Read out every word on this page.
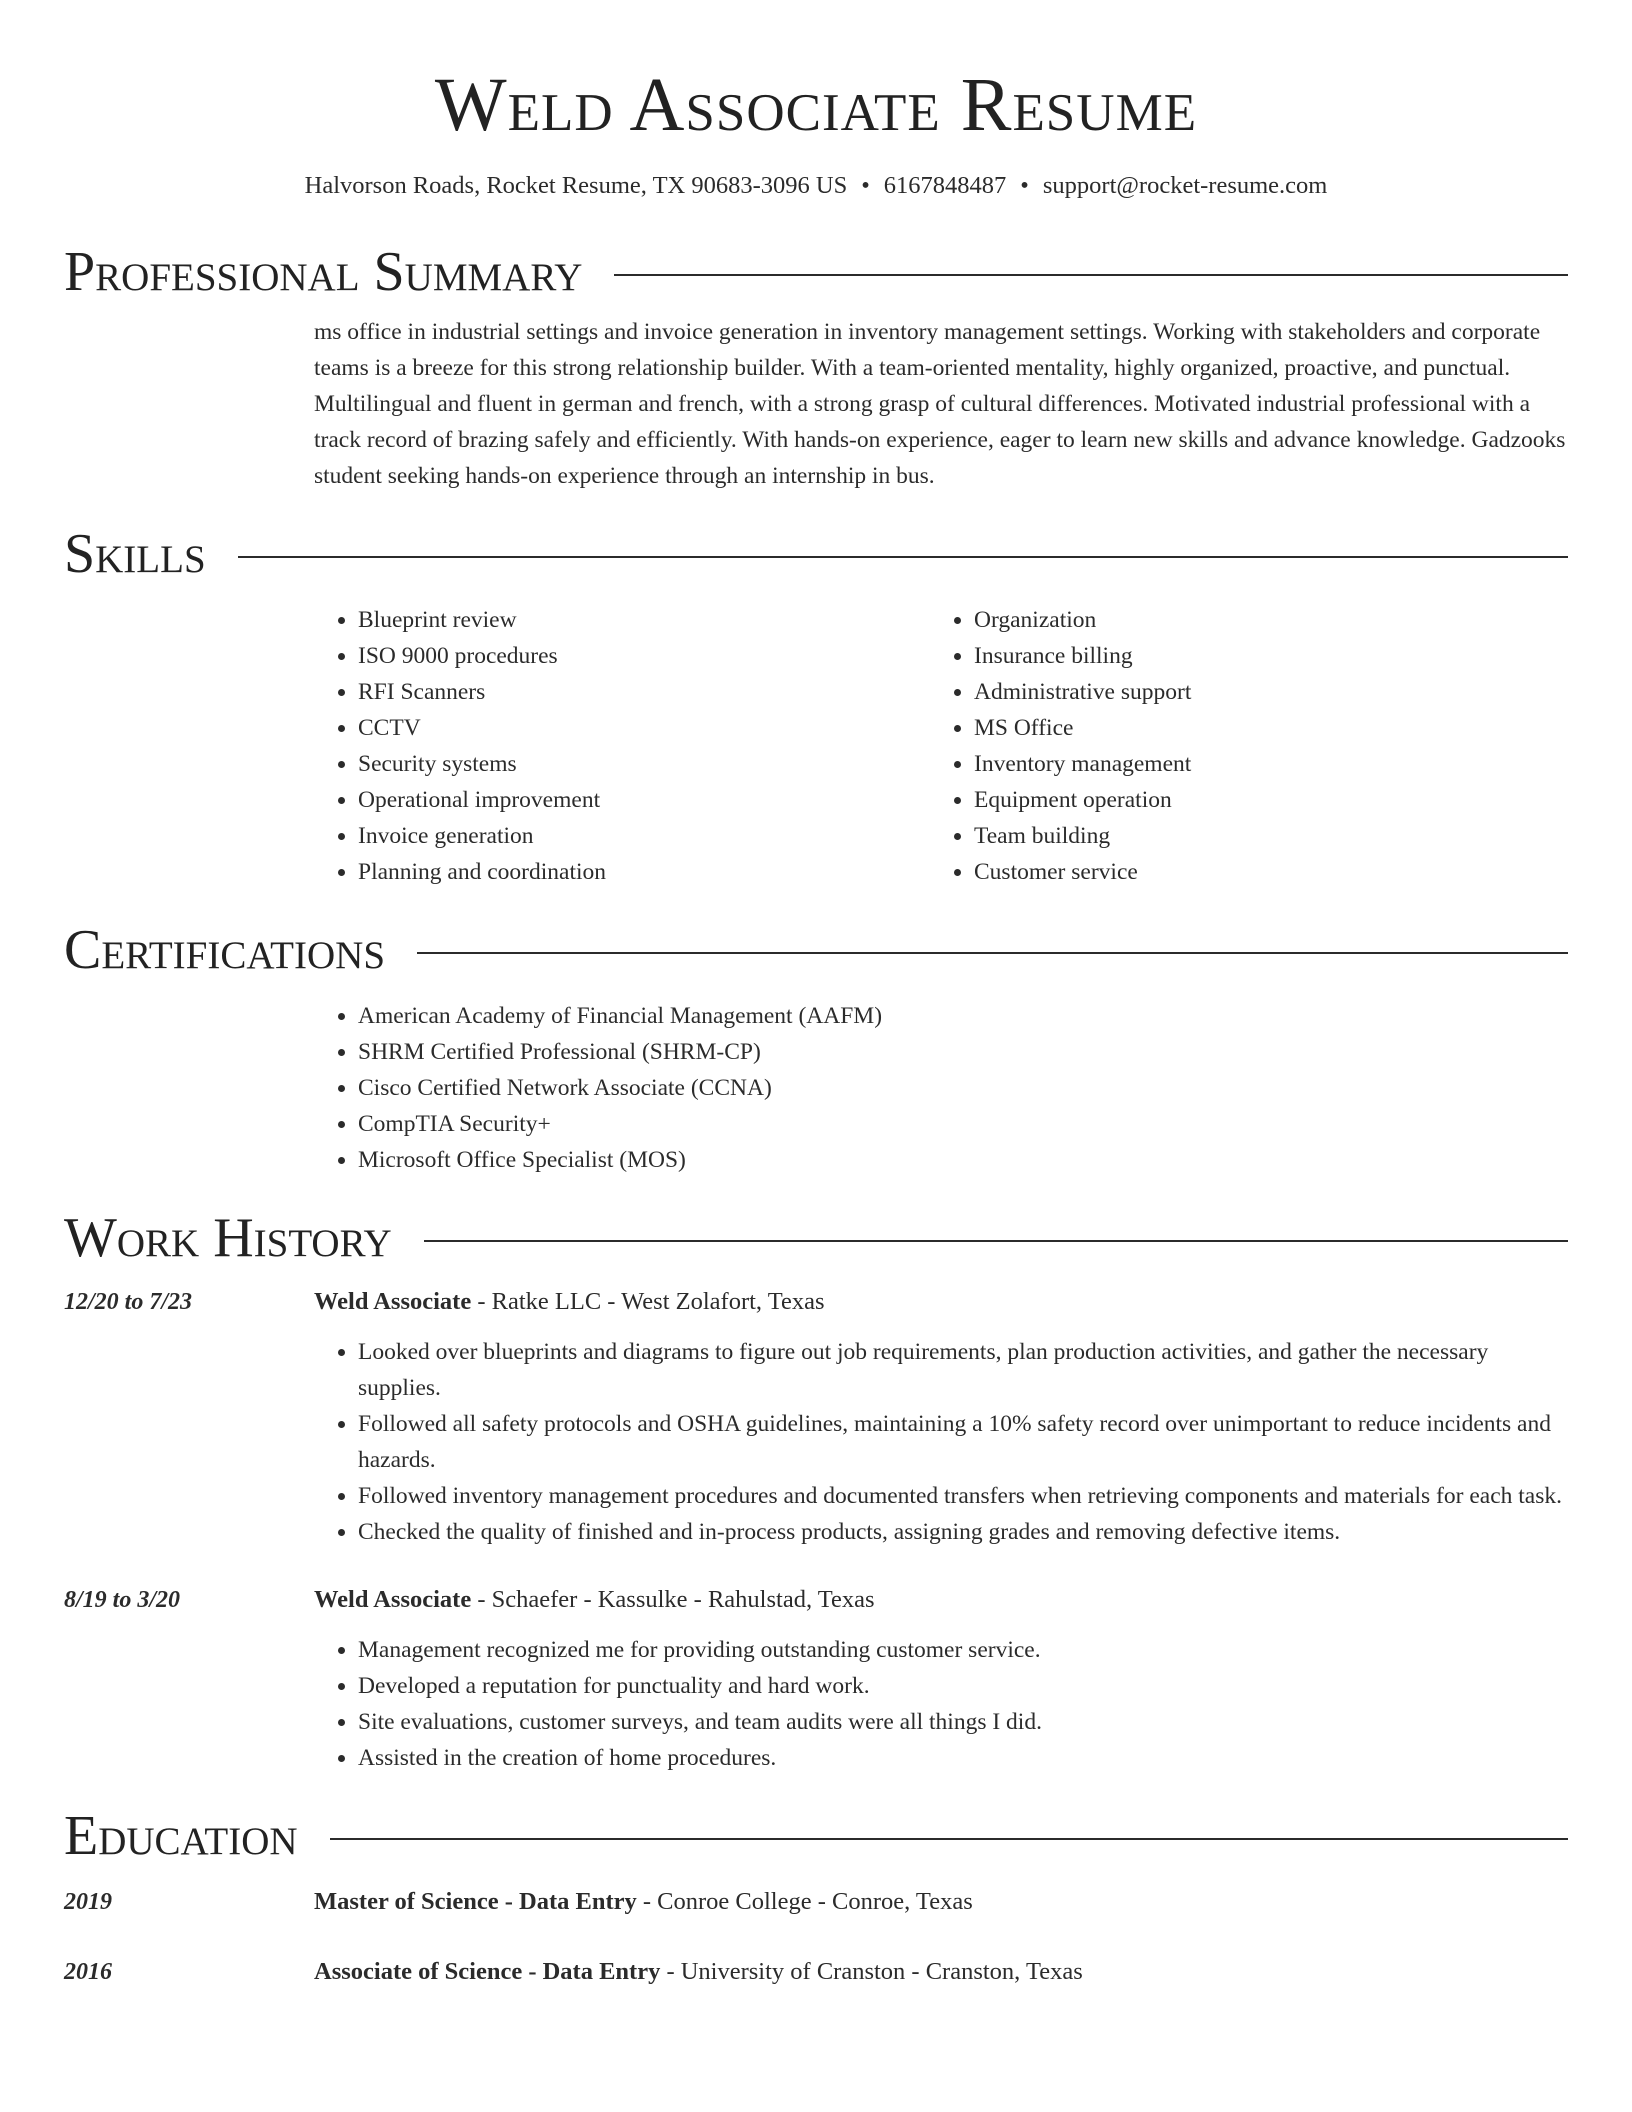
Weld Associate Resume
Halvorson Roads, Rocket Resume, TX 90683-3096 US • 6167848487 • support@rocket-resume.com
Professional Summary

ms office in industrial settings and invoice generation in inventory management settings. Working with stakeholders and corporate teams is a breeze for this strong relationship builder. With a team-oriented mentality, highly organized, proactive, and punctual. Multilingual and fluent in german and french, with a strong grasp of cultural differences. Motivated industrial professional with a track record of brazing safely and efficiently. With hands-on experience, eager to learn new skills and advance knowledge. Gadzooks student seeking hands-on experience through an internship in bus.

Skills
• Blueprint review
• ISO 9000 procedures
• RFI Scanners
• CCTV
• Security systems
• Operational improvement
• Invoice generation
• Planning and coordination
• Organization
• Insurance billing
• Administrative support
• MS Office
• Inventory management
• Equipment operation
• Team building
• Customer service
Certifications
• American Academy of Financial Management (AAFM)
• SHRM Certified Professional (SHRM-CP)
• Cisco Certified Network Associate (CCNA)
• CompTIA Security+
• Microsoft Office Specialist (MOS)
Work History
12/20 to 7/23	Weld Associate - Ratke LLC - West Zolafort, Texas
• Looked over blueprints and diagrams to figure out job requirements, plan production activities, and gather the necessary supplies.
• Followed all safety protocols and OSHA guidelines, maintaining a 10% safety record over unimportant to reduce incidents and hazards.
• Followed inventory management procedures and documented transfers when retrieving components and materials for each task.
• Checked the quality of finished and in-process products, assigning grades and removing defective items.
8/19 to 3/20	Weld Associate - Schaefer - Kassulke - Rahulstad, Texas
• Management recognized me for providing outstanding customer service.
• Developed a reputation for punctuality and hard work.
• Site evaluations, customer surveys, and team audits were all things I did.
• Assisted in the creation of home procedures.
Education
2019	Master of Science - Data Entry - Conroe College - Conroe, Texas
2016	Associate of Science - Data Entry - University of Cranston - Cranston, Texas
